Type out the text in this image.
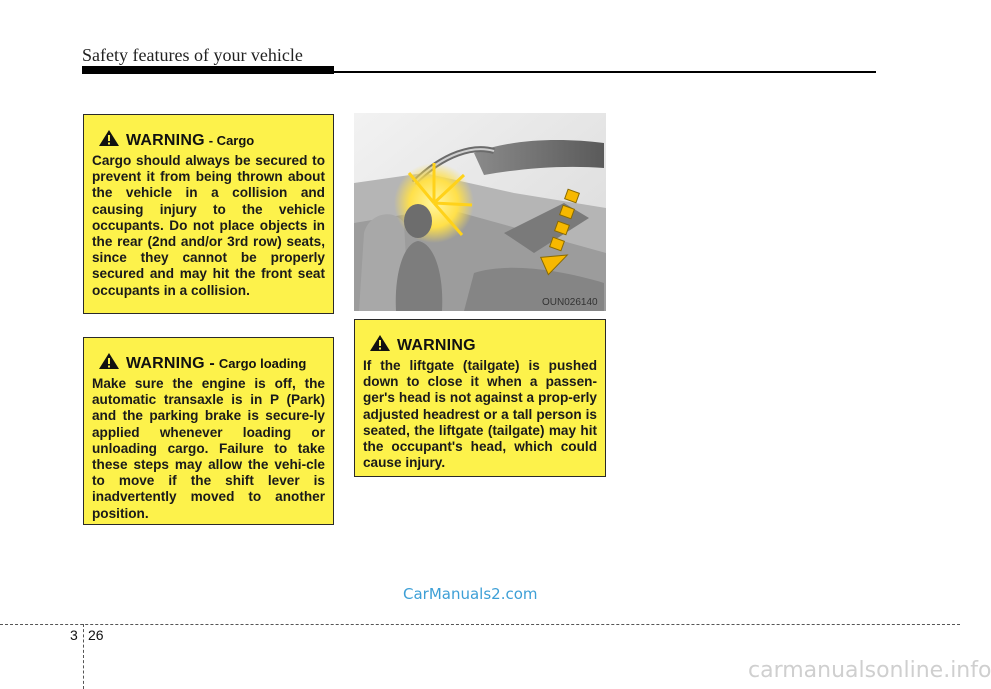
Safety features of your vehicle
WARNING - Cargo
Cargo should always be secured to prevent it from being thrown about the vehicle in a collision and causing injury to the vehicle occupants. Do not place objects in the rear (2nd and/or 3rd row) seats, since they cannot be properly secured and may hit the front seat occupants in a collision.
WARNING - Cargo loading
Make sure the engine is off, the automatic transaxle is in P (Park) and the parking brake is secure-ly applied whenever loading or unloading cargo. Failure to take these steps may allow the vehi-cle to move if the shift lever is inadvertently moved to another position.
OUN026140
WARNING
If the liftgate (tailgate) is pushed down to close it when a passen-ger's head is not against a prop-erly adjusted headrest or a tall person is seated, the liftgate (tailgate) may hit the occupant's head, which could cause injury.
CarManuals2.com
3 26
carmanualsonline.info
